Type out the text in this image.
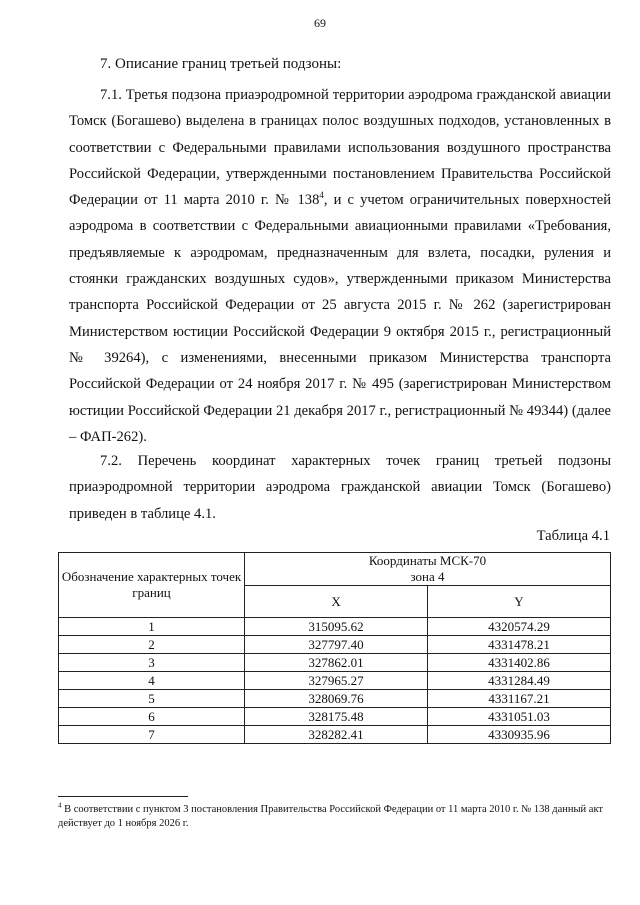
69
7. Описание границ третьей подзоны:

7.1. Третья подзона приаэродромной территории аэродрома гражданской авиации Томск (Богашево) выделена в границах полос воздушных подходов, установленных в соответствии с Федеральными правилами использования воздушного пространства Российской Федерации, утвержденными постановлением Правительства Российской Федерации от 11 марта 2010 г. № $138^4$, и с учетом ограничительных поверхностей аэродрома в соответствии с Федеральными авиационными правилами «Требования, предъявляемые к аэродромам, предназначенным для взлета, посадки, руления и стоянки гражданских воздушных судов», утвержденными приказом Министерства транспорта Российской Федерации от 25 августа 2015 г. № 262 (зарегистрирован Министерством юстиции Российской Федерации 9 октября 2015 г., регистрационный № 39264), с изменениями, внесенными приказом Министерства транспорта Российской Федерации от 24 ноября 2017 г. № 495 (зарегистрирован Министерством юстиции Российской Федерации 21 декабря 2017 г., регистрационный № 49344) (далее – ФАП-262).

7.2. Перечень координат характерных точек границ третьей подзоны приаэродромной территории аэродрома гражданской авиации Томск (Богашево) приведен в таблице 4.1.

Таблица 4.1
Обозначение характерных точек границ	Координаты МСК-70
зона 4	
	X	Y
1	315095.62	4320574.29
2	327797.40	4331478.21
3	327862.01	4331402.86
4	327965.27	4331284.49
5	328069.76	4331167.21
6	328175.48	4331051.03
7	328282.41	4330935.96

$^4$ В соответствии с пунктом 3 постановления Правительства Российской Федерации от 11 марта 2010 г. № 138 данный акт действует до 1 ноября 2026 г.
